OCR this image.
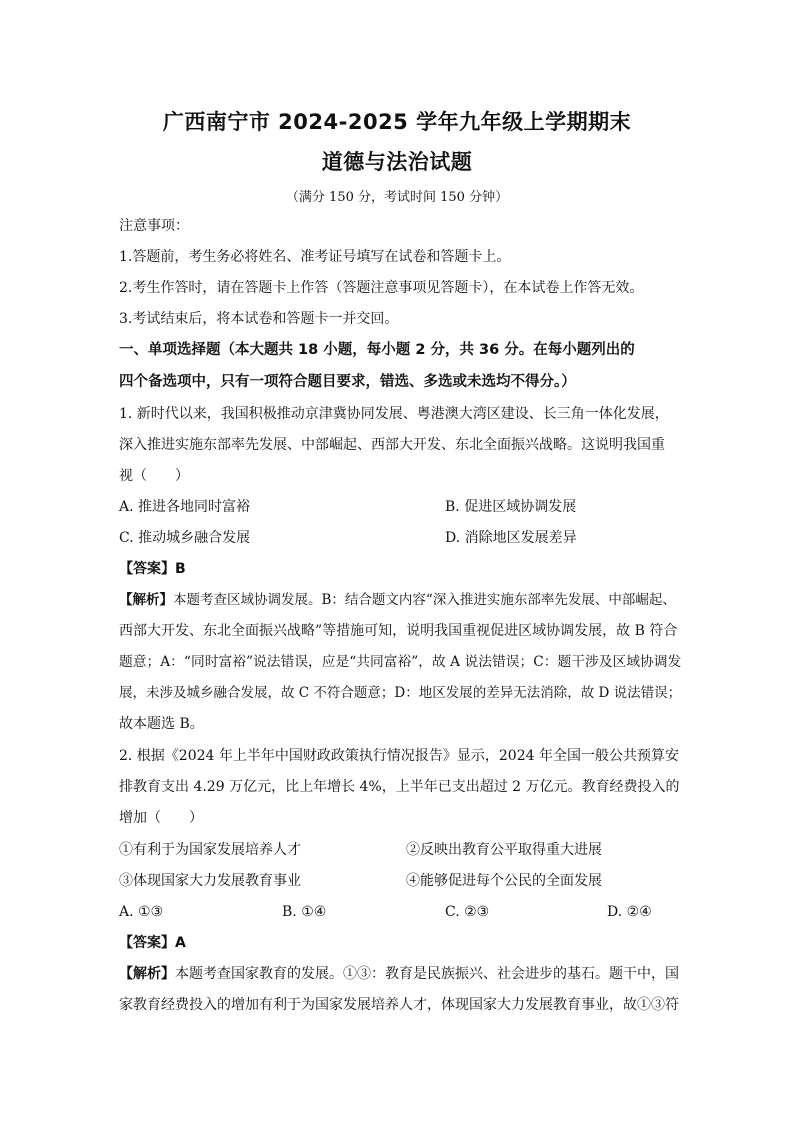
广西南宁市 2024-2025 学年九年级上学期期末
道德与法治试题
（满分 150 分，考试时间 150 分钟）
注意事项：
1.答题前，考生务必将姓名、准考证号填写在试卷和答题卡上。
2.考生作答时，请在答题卡上作答（答题注意事项见答题卡），在本试卷上作答无效。
3.考试结束后，将本试卷和答题卡一并交回。
一、单项选择题（本大题共 18 小题，每小题 2 分，共 36 分。在每小题列出的
四个备选项中，只有一项符合题目要求，错选、多选或未选均不得分。）
1. 新时代以来，我国积极推动京津冀协同发展、粤港澳大湾区建设、长三角一体化发展，
深入推进实施东部率先发展、中部崛起、西部大开发、东北全面振兴战略。这说明我国重
视（　　）
A. 推进各地同时富裕	B. 促进区域协调发展
C. 推动城乡融合发展	D. 消除地区发展差异
【答案】B
【解析】本题考查区域协调发展。B：结合题文内容“深入推进实施东部率先发展、中部崛起、
西部大开发、东北全面振兴战略”等措施可知，说明我国重视促进区域协调发展，故 B 符合
题意；A：“同时富裕”说法错误，应是“共同富裕”，故 A 说法错误；C：题干涉及区域协调发
展，未涉及城乡融合发展，故 C 不符合题意；D：地区发展的差异无法消除，故 D 说法错误；
故本题选 B。
2. 根据《2024 年上半年中国财政政策执行情况报告》显示，2024 年全国一般公共预算安
排教育支出 4.29 万亿元，比上年增长 4%，上半年已支出超过 2 万亿元。教育经费投入的
增加（　　）
①有利于为国家发展培养人才	②反映出教育公平取得重大进展
③体现国家大力发展教育事业	④能够促进每个公民的全面发展
A. ①③	B. ①④	C. ②③	D. ②④
【答案】A
【解析】本题考查国家教育的发展。①③：教育是民族振兴、社会进步的基石。题干中，国
家教育经费投入的增加有利于为国家发展培养人才，体现国家大力发展教育事业，故①③符
